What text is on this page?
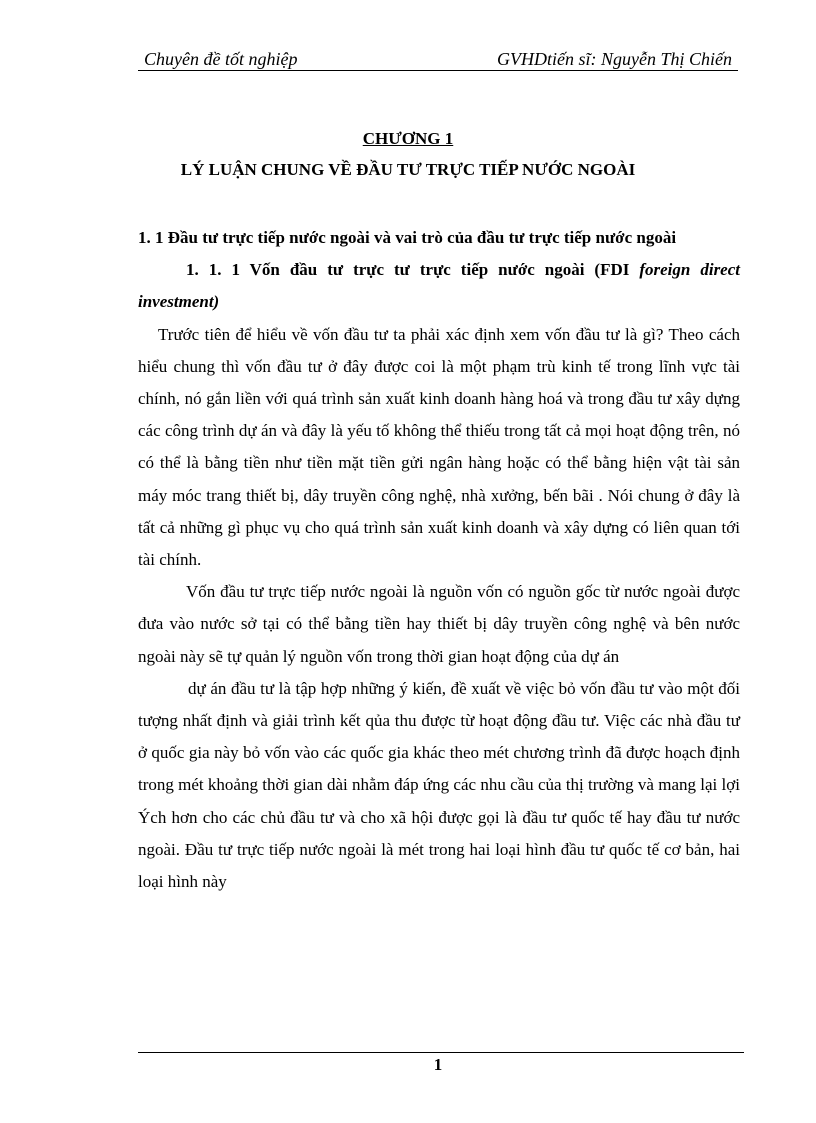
Chuyên đề tốt nghiệp	GVHDtiến sĩ: Nguyễn Thị Chiến
CHƯƠNG 1
LÝ LUẬN CHUNG VỀ ĐẦU TƯ TRỰC TIẾP NƯỚC NGOÀI

1. 1 Đầu tư trực tiếp nước ngoài và vai trò của đầu tư trực tiếp nước ngoài

1. 1. 1 Vốn đầu tư trực tư trực tiếp nước ngoài (FDI foreign direct investment)

Trước tiên để hiểu về vốn đầu tư ta phải xác định xem vốn đầu tư là gì? Theo cách hiểu chung thì vốn đầu tư ở đây được coi là một phạm trù kinh tế trong lĩnh vực tài chính, nó gắn liền với quá trình sản xuất kinh doanh hàng hoá và trong đầu tư xây dựng các công trình dự án và đây là yếu tố không thể thiếu trong tất cả mọi hoạt động trên, nó có thể là bằng tiền như tiền mặt tiền gửi ngân hàng hoặc có thể bằng hiện vật tài sản máy móc trang thiết bị, dây truyền công nghệ, nhà xưởng, bến bãi . Nói chung ở đây là tất cả những gì phục vụ cho quá trình sản xuất kinh doanh và xây dựng có liên quan tới tài chính.

Vốn đầu tư trực tiếp nước ngoài là nguồn vốn có nguồn gốc từ nước ngoài được đưa vào nước sở tại có thể bằng tiền hay thiết bị dây truyền công nghệ và bên nước ngoài này sẽ tự quản lý nguồn vốn trong thời gian hoạt động của dự án

dự án đầu tư là tập hợp những ý kiến, đề xuất về việc bỏ vốn đầu tư vào một đối tượng nhất định và giải trình kết qủa thu được từ hoạt động đầu tư. Việc các nhà đầu tư ở quốc gia này bỏ vốn vào các quốc gia khác theo mét chương trình đã được hoạch định trong mét khoảng thời gian dài nhằm đáp ứng các nhu cầu của thị trường và mang lại lợi Ých hơn cho các chủ đầu tư và cho xã hội được gọi là đầu tư quốc tế hay đầu tư nước ngoài. Đầu tư trực tiếp nước ngoài là mét trong hai loại hình đầu tư quốc tế cơ bản, hai loại hình này

1
